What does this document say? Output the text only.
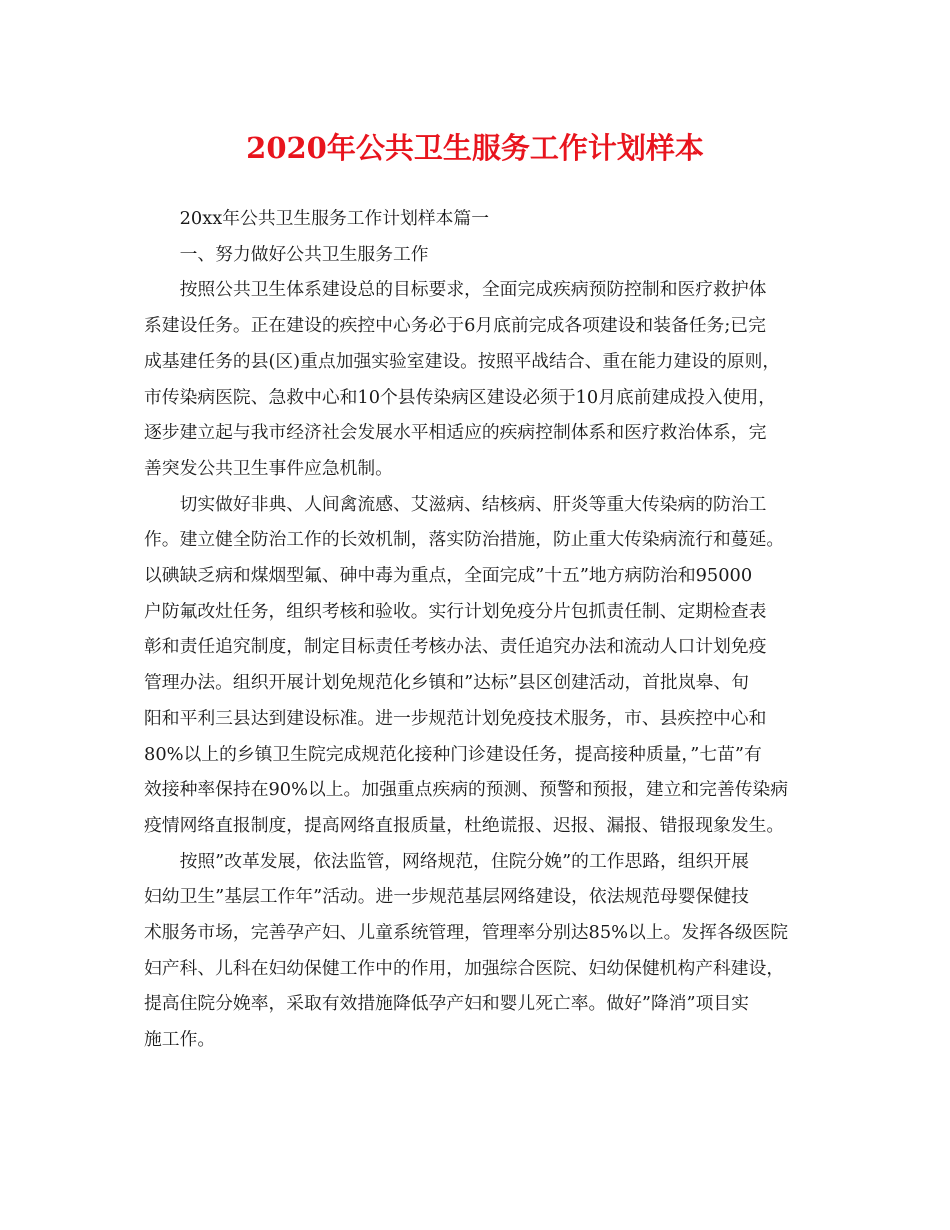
2020年公共卫生服务工作计划样本

20xx年公共卫生服务工作计划样本篇一

一、努力做好公共卫生服务工作

按照公共卫生体系建设总的目标要求，全面完成疾病预防控制和医疗救护体
系建设任务。正在建设的疾控中心务必于6月底前完成各项建设和装备任务;已完
成基建任务的县(区)重点加强实验室建设。按照平战结合、重在能力建设的原则，
市传染病医院、急救中心和10个县传染病区建设必须于10月底前建成投入使用，
逐步建立起与我市经济社会发展水平相适应的疾病控制体系和医疗救治体系，完
善突发公共卫生事件应急机制。

切实做好非典、人间禽流感、艾滋病、结核病、肝炎等重大传染病的防治工
作。建立健全防治工作的长效机制，落实防治措施，防止重大传染病流行和蔓延。
以碘缺乏病和煤烟型氟、砷中毒为重点，全面完成”十五”地方病防治和95000
户防氟改灶任务，组织考核和验收。实行计划免疫分片包抓责任制、定期检查表
彰和责任追究制度，制定目标责任考核办法、责任追究办法和流动人口计划免疫
管理办法。组织开展计划免规范化乡镇和”达标”县区创建活动，首批岚皋、旬
阳和平利三县达到建设标准。进一步规范计划免疫技术服务，市、县疾控中心和
80%以上的乡镇卫生院完成规范化接种门诊建设任务，提高接种质量，”七苗”有
效接种率保持在90%以上。加强重点疾病的预测、预警和预报，建立和完善传染病
疫情网络直报制度，提高网络直报质量，杜绝谎报、迟报、漏报、错报现象发生。

按照”改革发展，依法监管，网络规范，住院分娩”的工作思路，组织开展
妇幼卫生”基层工作年”活动。进一步规范基层网络建设，依法规范母婴保健技
术服务市场，完善孕产妇、儿童系统管理，管理率分别达85%以上。发挥各级医院
妇产科、儿科在妇幼保健工作中的作用，加强综合医院、妇幼保健机构产科建设，
提高住院分娩率，采取有效措施降低孕产妇和婴儿死亡率。做好”降消”项目实
施工作。
